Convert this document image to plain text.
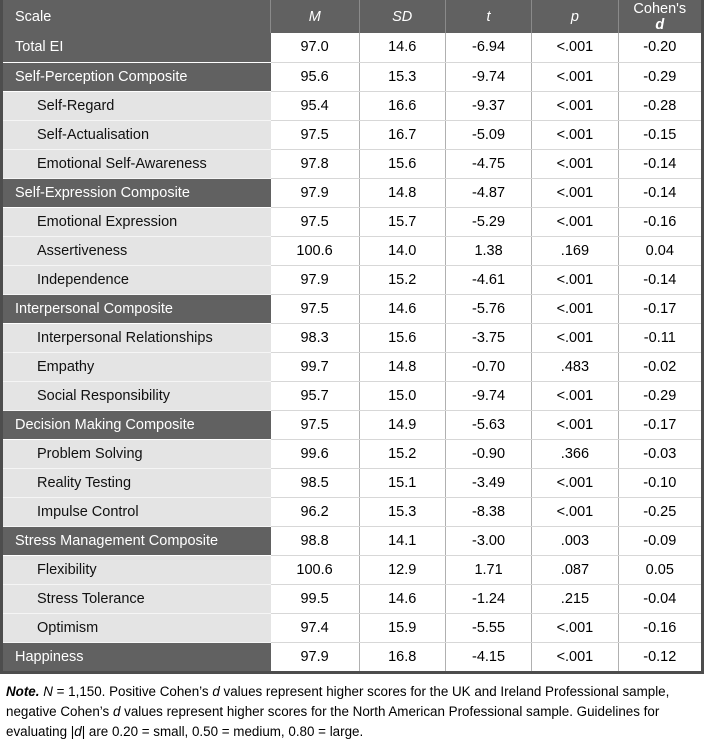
Scale	M	SD	t	p	Cohen's d
Total EI	97.0	14.6	-6.94	<.001	-0.20
Self-Perception Composite	95.6	15.3	-9.74	<.001	-0.29
Self-Regard	95.4	16.6	-9.37	<.001	-0.28
Self-Actualisation	97.5	16.7	-5.09	<.001	-0.15
Emotional Self-Awareness	97.8	15.6	-4.75	<.001	-0.14
Self-Expression Composite	97.9	14.8	-4.87	<.001	-0.14
Emotional Expression	97.5	15.7	-5.29	<.001	-0.16
Assertiveness	100.6	14.0	1.38	.169	0.04
Independence	97.9	15.2	-4.61	<.001	-0.14
Interpersonal Composite	97.5	14.6	-5.76	<.001	-0.17
Interpersonal Relationships	98.3	15.6	-3.75	<.001	-0.11
Empathy	99.7	14.8	-0.70	.483	-0.02
Social Responsibility	95.7	15.0	-9.74	<.001	-0.29
Decision Making Composite	97.5	14.9	-5.63	<.001	-0.17
Problem Solving	99.6	15.2	-0.90	.366	-0.03
Reality Testing	98.5	15.1	-3.49	<.001	-0.10
Impulse Control	96.2	15.3	-8.38	<.001	-0.25
Stress Management Composite	98.8	14.1	-3.00	.003	-0.09
Flexibility	100.6	12.9	1.71	.087	0.05
Stress Tolerance	99.5	14.6	-1.24	.215	-0.04
Optimism	97.4	15.9	-5.55	<.001	-0.16
Happiness	97.9	16.8	-4.15	<.001	-0.12
Note. N = 1,150. Positive Cohen’s d values represent higher scores for the UK and Ireland Professional sample, negative Cohen’s d values represent higher scores for the North American Professional sample. Guidelines for evaluating |d| are 0.20 = small, 0.50 = medium, 0.80 = large.
